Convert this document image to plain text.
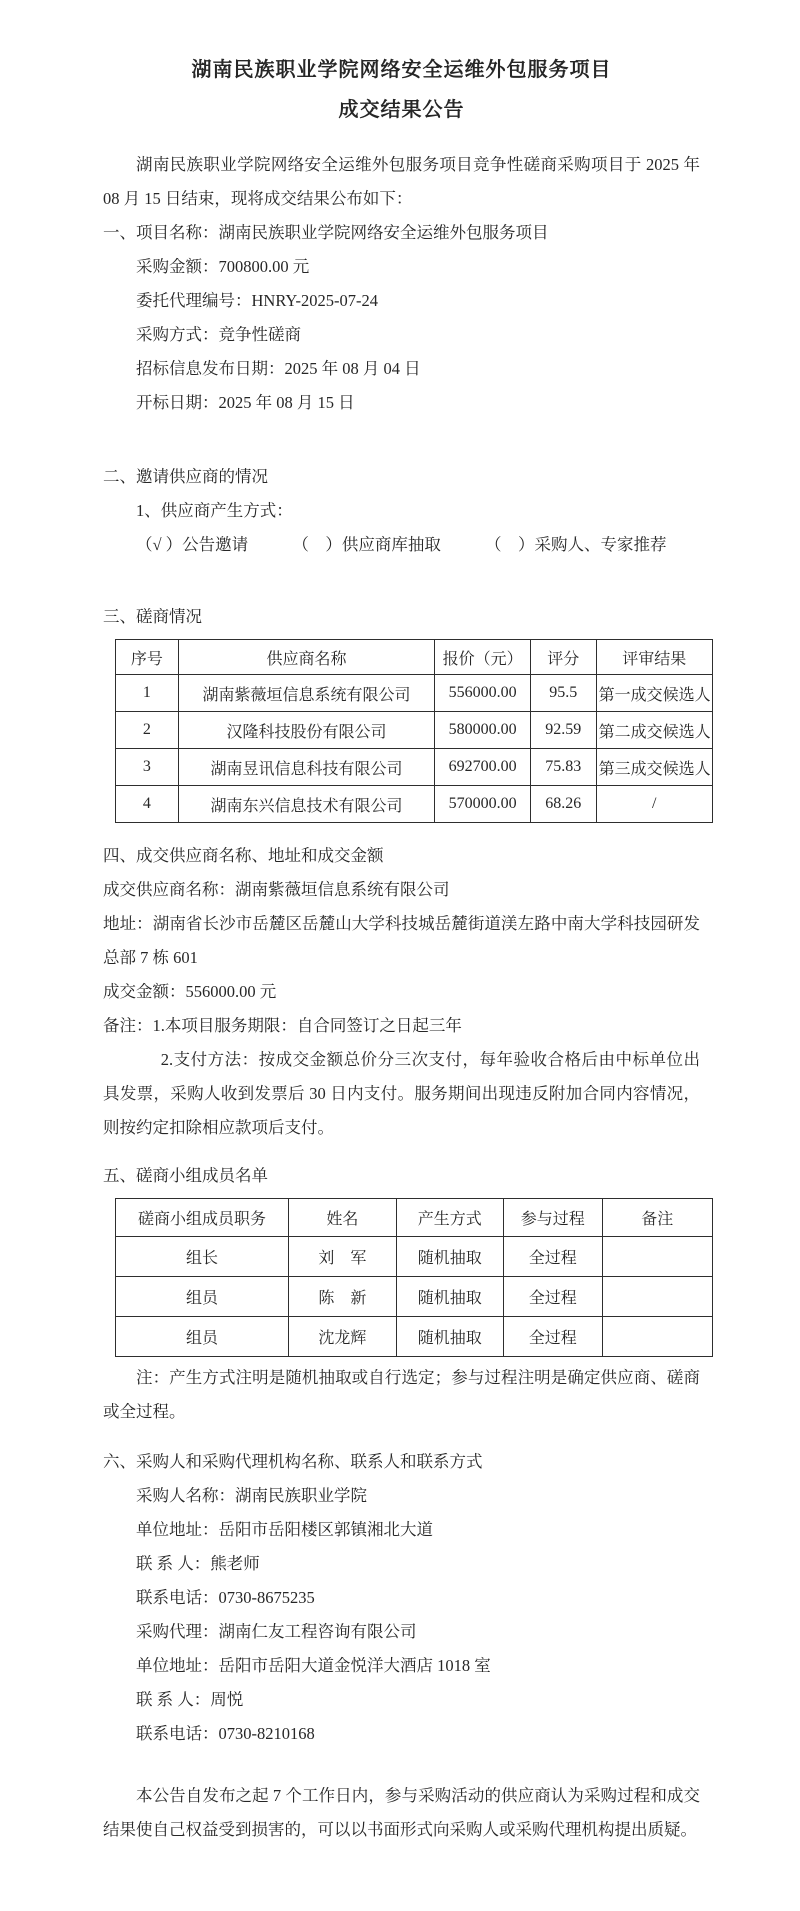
湖南民族职业学院网络安全运维外包服务项目
成交结果公告

湖南民族职业学院网络安全运维外包服务项目竞争性磋商采购项目于 2025 年 08 月 15 日结束，现将成交结果公布如下：

一、项目名称：湖南民族职业学院网络安全运维外包服务项目

采购金额：700800.00 元

委托代理编号：HNRY-2025-07-24

采购方式：竞争性磋商

招标信息发布日期：2025 年 08 月 04 日

开标日期：2025 年 08 月 15 日

二、邀请供应商的情况

1、供应商产生方式：

（√ ）公告邀请	（　）供应商库抽取	（　）采购人、专家推荐

三、磋商情况

序号	供应商名称	报价（元）	评分	评审结果
1	湖南紫薇垣信息系统有限公司	556000.00	95.5	第一成交候选人
2	汉隆科技股份有限公司	580000.00	92.59	第二成交候选人
3	湖南昱讯信息科技有限公司	692700.00	75.83	第三成交候选人
4	湖南东兴信息技术有限公司	570000.00	68.26	/

四、成交供应商名称、地址和成交金额

成交供应商名称：湖南紫薇垣信息系统有限公司

地址：湖南省长沙市岳麓区岳麓山大学科技城岳麓街道渼左路中南大学科技园研发总部 7 栋 601

成交金额：556000.00 元

备注：1.本项目服务期限：自合同签订之日起三年

2.支付方法：按成交金额总价分三次支付，每年验收合格后由中标单位出具发票，采购人收到发票后 30 日内支付。服务期间出现违反附加合同内容情况，则按约定扣除相应款项后支付。

五、磋商小组成员名单

磋商小组成员职务	姓名	产生方式	参与过程	备注
组长	刘　军	随机抽取	全过程	
组员	陈　新	随机抽取	全过程	
组员	沈龙辉	随机抽取	全过程	

注：产生方式注明是随机抽取或自行选定；参与过程注明是确定供应商、磋商或全过程。

六、采购人和采购代理机构名称、联系人和联系方式

采购人名称：湖南民族职业学院

单位地址：岳阳市岳阳楼区郭镇湘北大道

联 系 人：熊老师

联系电话：0730-8675235

采购代理：湖南仁友工程咨询有限公司

单位地址：岳阳市岳阳大道金悦洋大酒店 1018 室

联 系 人：周悦

联系电话：0730-8210168

本公告自发布之起 7 个工作日内，参与采购活动的供应商认为采购过程和成交结果使自己权益受到损害的，可以以书面形式向采购人或采购代理机构提出质疑。
